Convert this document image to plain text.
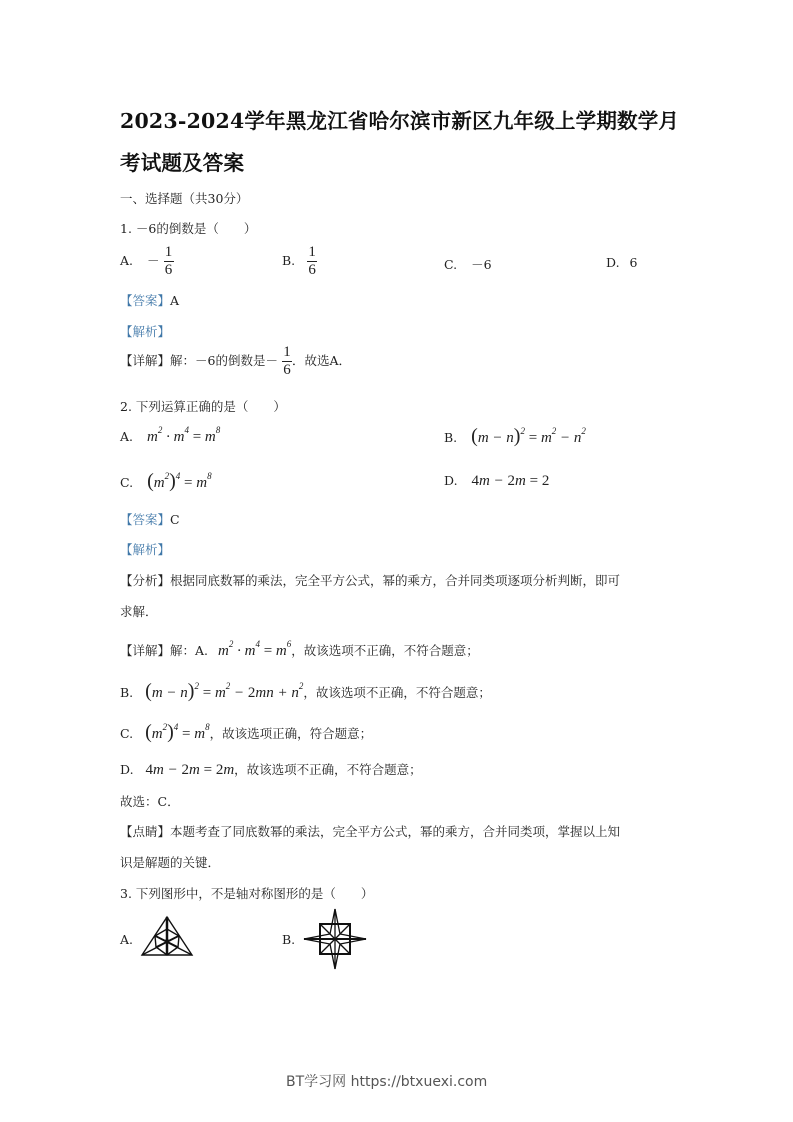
2023-2024学年黑龙江省哈尔滨市新区九年级上学期数学月
考试题及答案
一、选择题（共30分）
1. －6的倒数是（　　）
A. － $\frac{1}{6}$	B. $\frac{1}{6}$	C. －6	D. 6
【答案】A
【解析】
【详解】解：－6的倒数是－ $\frac{1}{6}$ ．故选A．
2. 下列运算正确的是（　　）
A. $m^2 \cdot m^4 = m^8$	B. $(m - n)^2 = m^2 - n^2$
C. $(m^2)^4 = m^8$	D. 4m − 2m = 2
【答案】C
【解析】
【分析】根据同底数幂的乘法，完全平方公式，幂的乘方，合并同类项逐项分析判断，即可
求解．
【详解】解：A. $m^2 \cdot m^4 = m^6$，故该选项不正确，不符合题意；
B. $(m - n)^2 = m^2 - 2mn + n^2$，故该选项不正确，不符合题意；
C. $(m^2)^4 = m^8$，故该选项正确，符合题意；
D. 4m − 2m = 2m，故该选项不正确，不符合题意；
故选：C．
【点睛】本题考查了同底数幂的乘法，完全平方公式，幂的乘方，合并同类项，掌握以上知
识是解题的关键．
3. 下列图形中，不是轴对称图形的是（　　）
A.	B.
BT学习网 https://btxuexi.com
